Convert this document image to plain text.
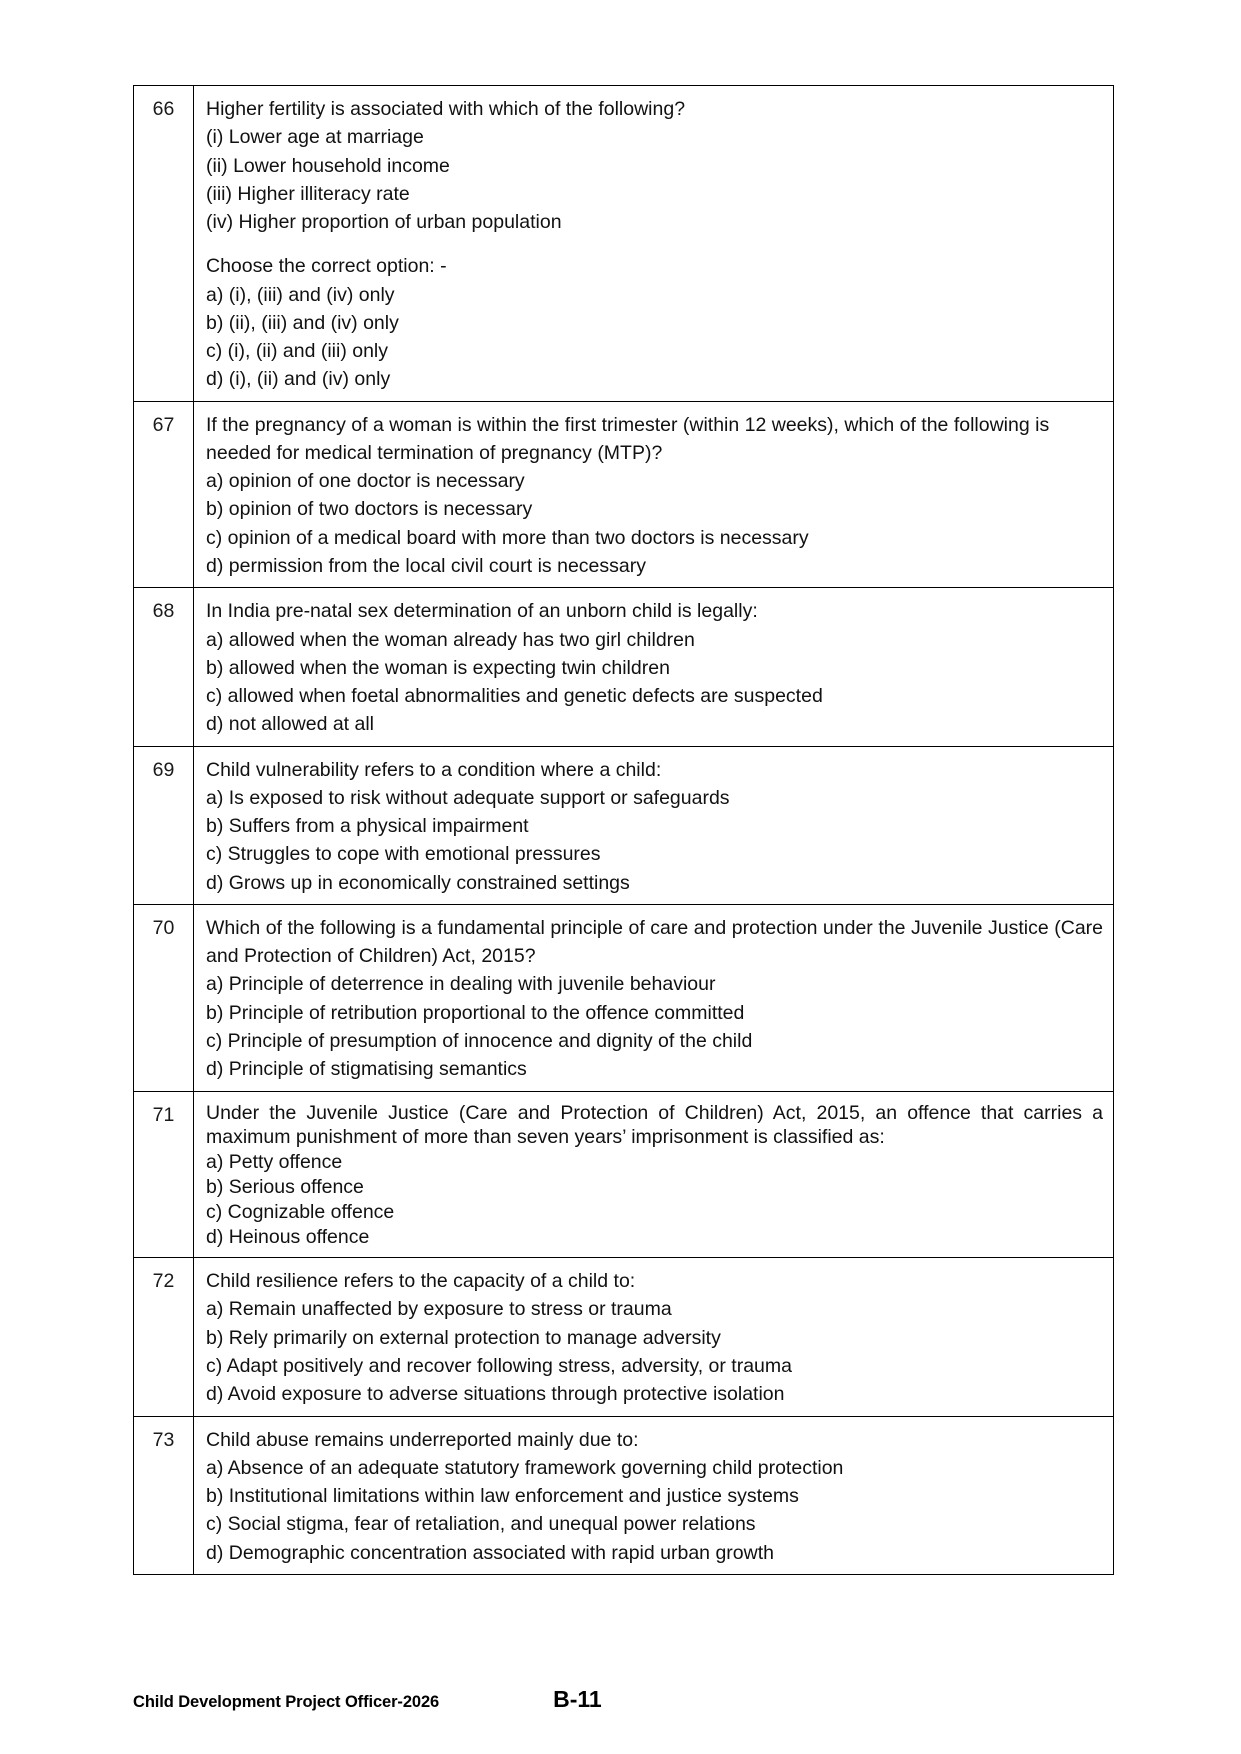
66	Higher fertility is associated with which of the following?
(i) Lower age at marriage
(ii) Lower household income
(iii) Higher illiteracy rate
(iv) Higher proportion of urban population
Choose the correct option: -
a) (i), (iii) and (iv) only
b) (ii), (iii) and (iv) only
c) (i), (ii) and (iii) only
d) (i), (ii) and (iv) only

67	If the pregnancy of a woman is within the first trimester (within 12 weeks), which of the following is needed for medical termination of pregnancy (MTP)?
a) opinion of one doctor is necessary
b) opinion of two doctors is necessary
c) opinion of a medical board with more than two doctors is necessary
d) permission from the local civil court is necessary

68	In India pre-natal sex determination of an unborn child is legally:
a) allowed when the woman already has two girl children
b) allowed when the woman is expecting twin children
c) allowed when foetal abnormalities and genetic defects are suspected
d) not allowed at all

69	Child vulnerability refers to a condition where a child:
a) Is exposed to risk without adequate support or safeguards
b) Suffers from a physical impairment
c) Struggles to cope with emotional pressures
d) Grows up in economically constrained settings

70	Which of the following is a fundamental principle of care and protection under the Juvenile Justice (Care and Protection of Children) Act, 2015?
a) Principle of deterrence in dealing with juvenile behaviour
b) Principle of retribution proportional to the offence committed
c) Principle of presumption of innocence and dignity of the child
d) Principle of stigmatising semantics

71	Under the Juvenile Justice (Care and Protection of Children) Act, 2015, an offence that carries a maximum punishment of more than seven years’ imprisonment is classified as:
a) Petty offence
b) Serious offence
c) Cognizable offence
d) Heinous offence

72	Child resilience refers to the capacity of a child to:
a) Remain unaffected by exposure to stress or trauma
b) Rely primarily on external protection to manage adversity
c) Adapt positively and recover following stress, adversity, or trauma
d) Avoid exposure to adverse situations through protective isolation

73	Child abuse remains underreported mainly due to:
a) Absence of an adequate statutory framework governing child protection
b) Institutional limitations within law enforcement and justice systems
c) Social stigma, fear of retaliation, and unequal power relations
d) Demographic concentration associated with rapid urban growth
Child Development Project Officer-2026	B-11
